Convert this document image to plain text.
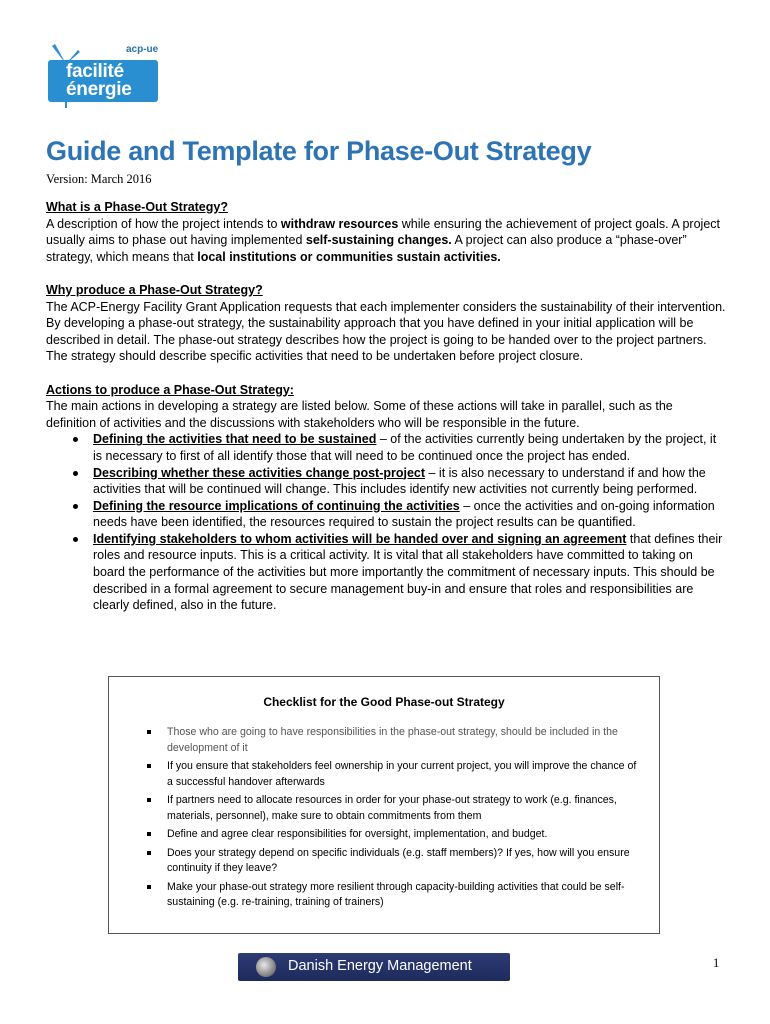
acp-ue
facilité
énergie
Guide and Template for Phase-Out Strategy
Version: March 2016

What is a Phase-Out Strategy?

A description of how the project intends to withdraw resources while ensuring the achievement of project goals. A project usually aims to phase out having implemented self-sustaining changes. A project can also produce a “phase-over” strategy, which means that local institutions or communities sustain activities.

Why produce a Phase-Out Strategy?

The ACP-Energy Facility Grant Application requests that each implementer considers the sustainability of their intervention. By developing a phase-out strategy, the sustainability approach that you have defined in your initial application will be described in detail. The phase-out strategy describes how the project is going to be handed over to the project partners. The strategy should describe specific activities that need to be undertaken before project closure.

Actions to produce a Phase-Out Strategy:

The main actions in developing a strategy are listed below. Some of these actions will take in parallel, such as the definition of activities and the discussions with stakeholders who will be responsible in the future.

Defining the activities that need to be sustained – of the activities currently being undertaken by the project, it is necessary to first of all identify those that will need to be continued once the project has ended.
Describing whether these activities change post-project – it is also necessary to understand if and how the activities that will be continued will change. This includes identify new activities not currently being performed.
Defining the resource implications of continuing the activities – once the activities and on-going information needs have been identified, the resources required to sustain the project results can be quantified.
Identifying stakeholders to whom activities will be handed over and signing an agreement that defines their roles and resource inputs. This is a critical activity. It is vital that all stakeholders have committed to taking on board the performance of the activities but more importantly the commitment of necessary inputs. This should be described in a formal agreement to secure management buy-in and ensure that roles and responsibilities are clearly defined, also in the future.
Checklist for the Good Phase-out Strategy
Those who are going to have responsibilities in the phase-out strategy, should be included in the development of it
If you ensure that stakeholders feel ownership in your current project, you will improve the chance of a successful handover afterwards
If partners need to allocate resources in order for your phase-out strategy to work (e.g. finances, materials, personnel), make sure to obtain commitments from them
Define and agree clear responsibilities for oversight, implementation, and budget.
Does your strategy depend on specific individuals (e.g. staff members)? If yes, how will you ensure continuity if they leave?
Make your phase-out strategy more resilient through capacity-building activities that could be self-sustaining (e.g. re-training, training of trainers)
Danish Energy Management	1
